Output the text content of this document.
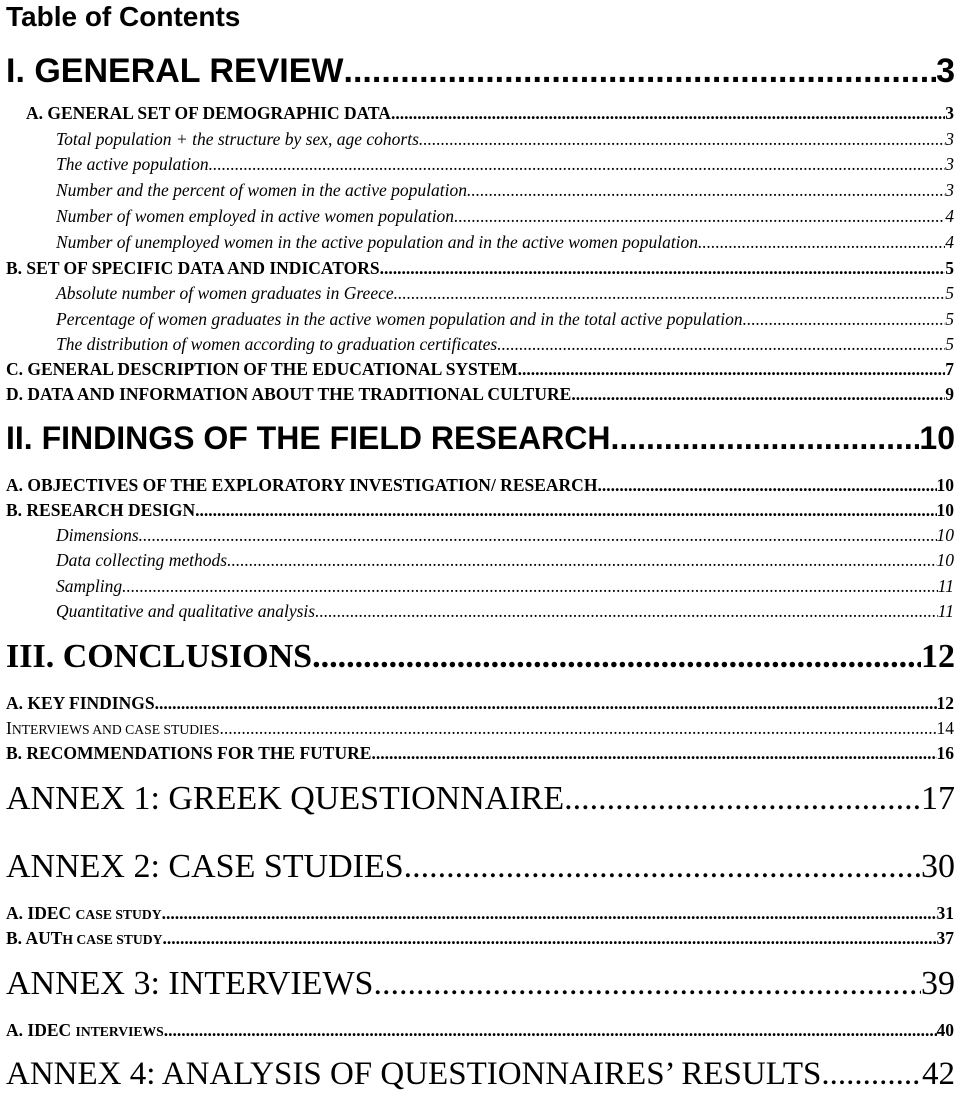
Table of Contents
I. GENERAL REVIEW .....	3
A. GENERAL SET OF DEMOGRAPHIC DATA .....	3
Total population + the structure by sex, age cohorts .....	3
The active population. .....	3
Number and the percent of women in the active population .....	3
Number of women employed in active women population .....	4
Number of unemployed women in the active population and in the active women population .....	4
B. SET OF SPECIFIC DATA AND INDICATORS .....	5
Absolute number of women graduates in Greece .....	5
Percentage of women graduates in the active women population and in the total active population .....	5
The distribution of women according to graduation certificates .....	5
C. GENERAL DESCRIPTION OF THE EDUCATIONAL SYSTEM .....	7
D. DATA AND INFORMATION ABOUT THE TRADITIONAL CULTURE .....	9
II. FINDINGS OF THE FIELD RESEARCH .....	10
A. OBJECTIVES OF THE EXPLORATORY INVESTIGATION/ RESEARCH .....	10
B. RESEARCH DESIGN .....	10
Dimensions .....	10
Data collecting methods .....	10
Sampling .....	11
Quantitative and qualitative analysis .....	11
III. CONCLUSIONS .....	12
A. KEY FINDINGS .....	12
INTERVIEWS AND CASE STUDIES .....	14
B. RECOMMENDATIONS FOR THE FUTURE .....	16
ANNEX 1: GREEK QUESTIONNAIRE .....	17
ANNEX 2: CASE STUDIES .....	30
A. IDEC CASE STUDY .....	31
B. AUTH CASE STUDY .....	37
ANNEX 3: INTERVIEWS .....	39
A. IDEC INTERVIEWS .....	40
ANNEX 4: ANALYSIS OF QUESTIONNAIRES’ RESULTS .....	42
